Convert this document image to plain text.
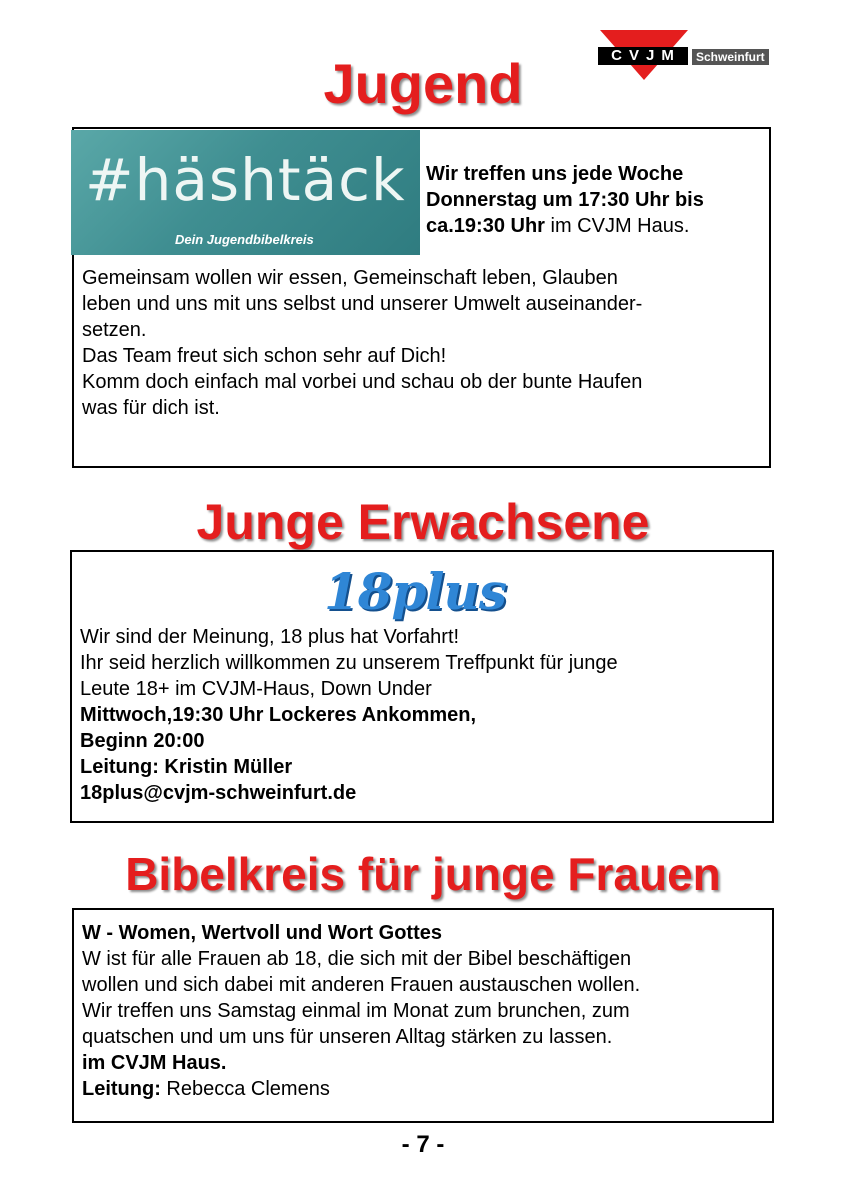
CVJM	Schweinfurt
Jugend
#häshtäck
Dein Jugendbibelkreis
Wir treffen uns jede Woche Donnerstag um 17:30 Uhr bis ca.19:30 Uhr im CVJM Haus.
Gemeinsam wollen wir essen, Gemeinschaft leben, Glauben
leben und uns mit uns selbst und unserer Umwelt auseinander-
setzen.
Das Team freut sich schon sehr auf Dich!
Komm doch einfach mal vorbei und schau ob der bunte Haufen
was für dich ist.
Junge Erwachsene
18plus
Wir sind der Meinung, 18 plus hat Vorfahrt!
Ihr seid herzlich willkommen zu unserem Treffpunkt für junge
Leute 18+ im CVJM-Haus, Down Under
Mittwoch,19:30 Uhr Lockeres Ankommen,
Beginn 20:00
Leitung: Kristin Müller
18plus@cvjm-schweinfurt.de
Bibelkreis für junge Frauen
W - Women, Wertvoll und Wort Gottes
W ist für alle Frauen ab 18, die sich mit der Bibel beschäftigen
wollen und sich dabei mit anderen Frauen austauschen wollen.
Wir treffen uns Samstag einmal im Monat zum brunchen, zum
quatschen und um uns für unseren Alltag stärken zu lassen.
im CVJM Haus.
Leitung: Rebecca Clemens
- 7 -
